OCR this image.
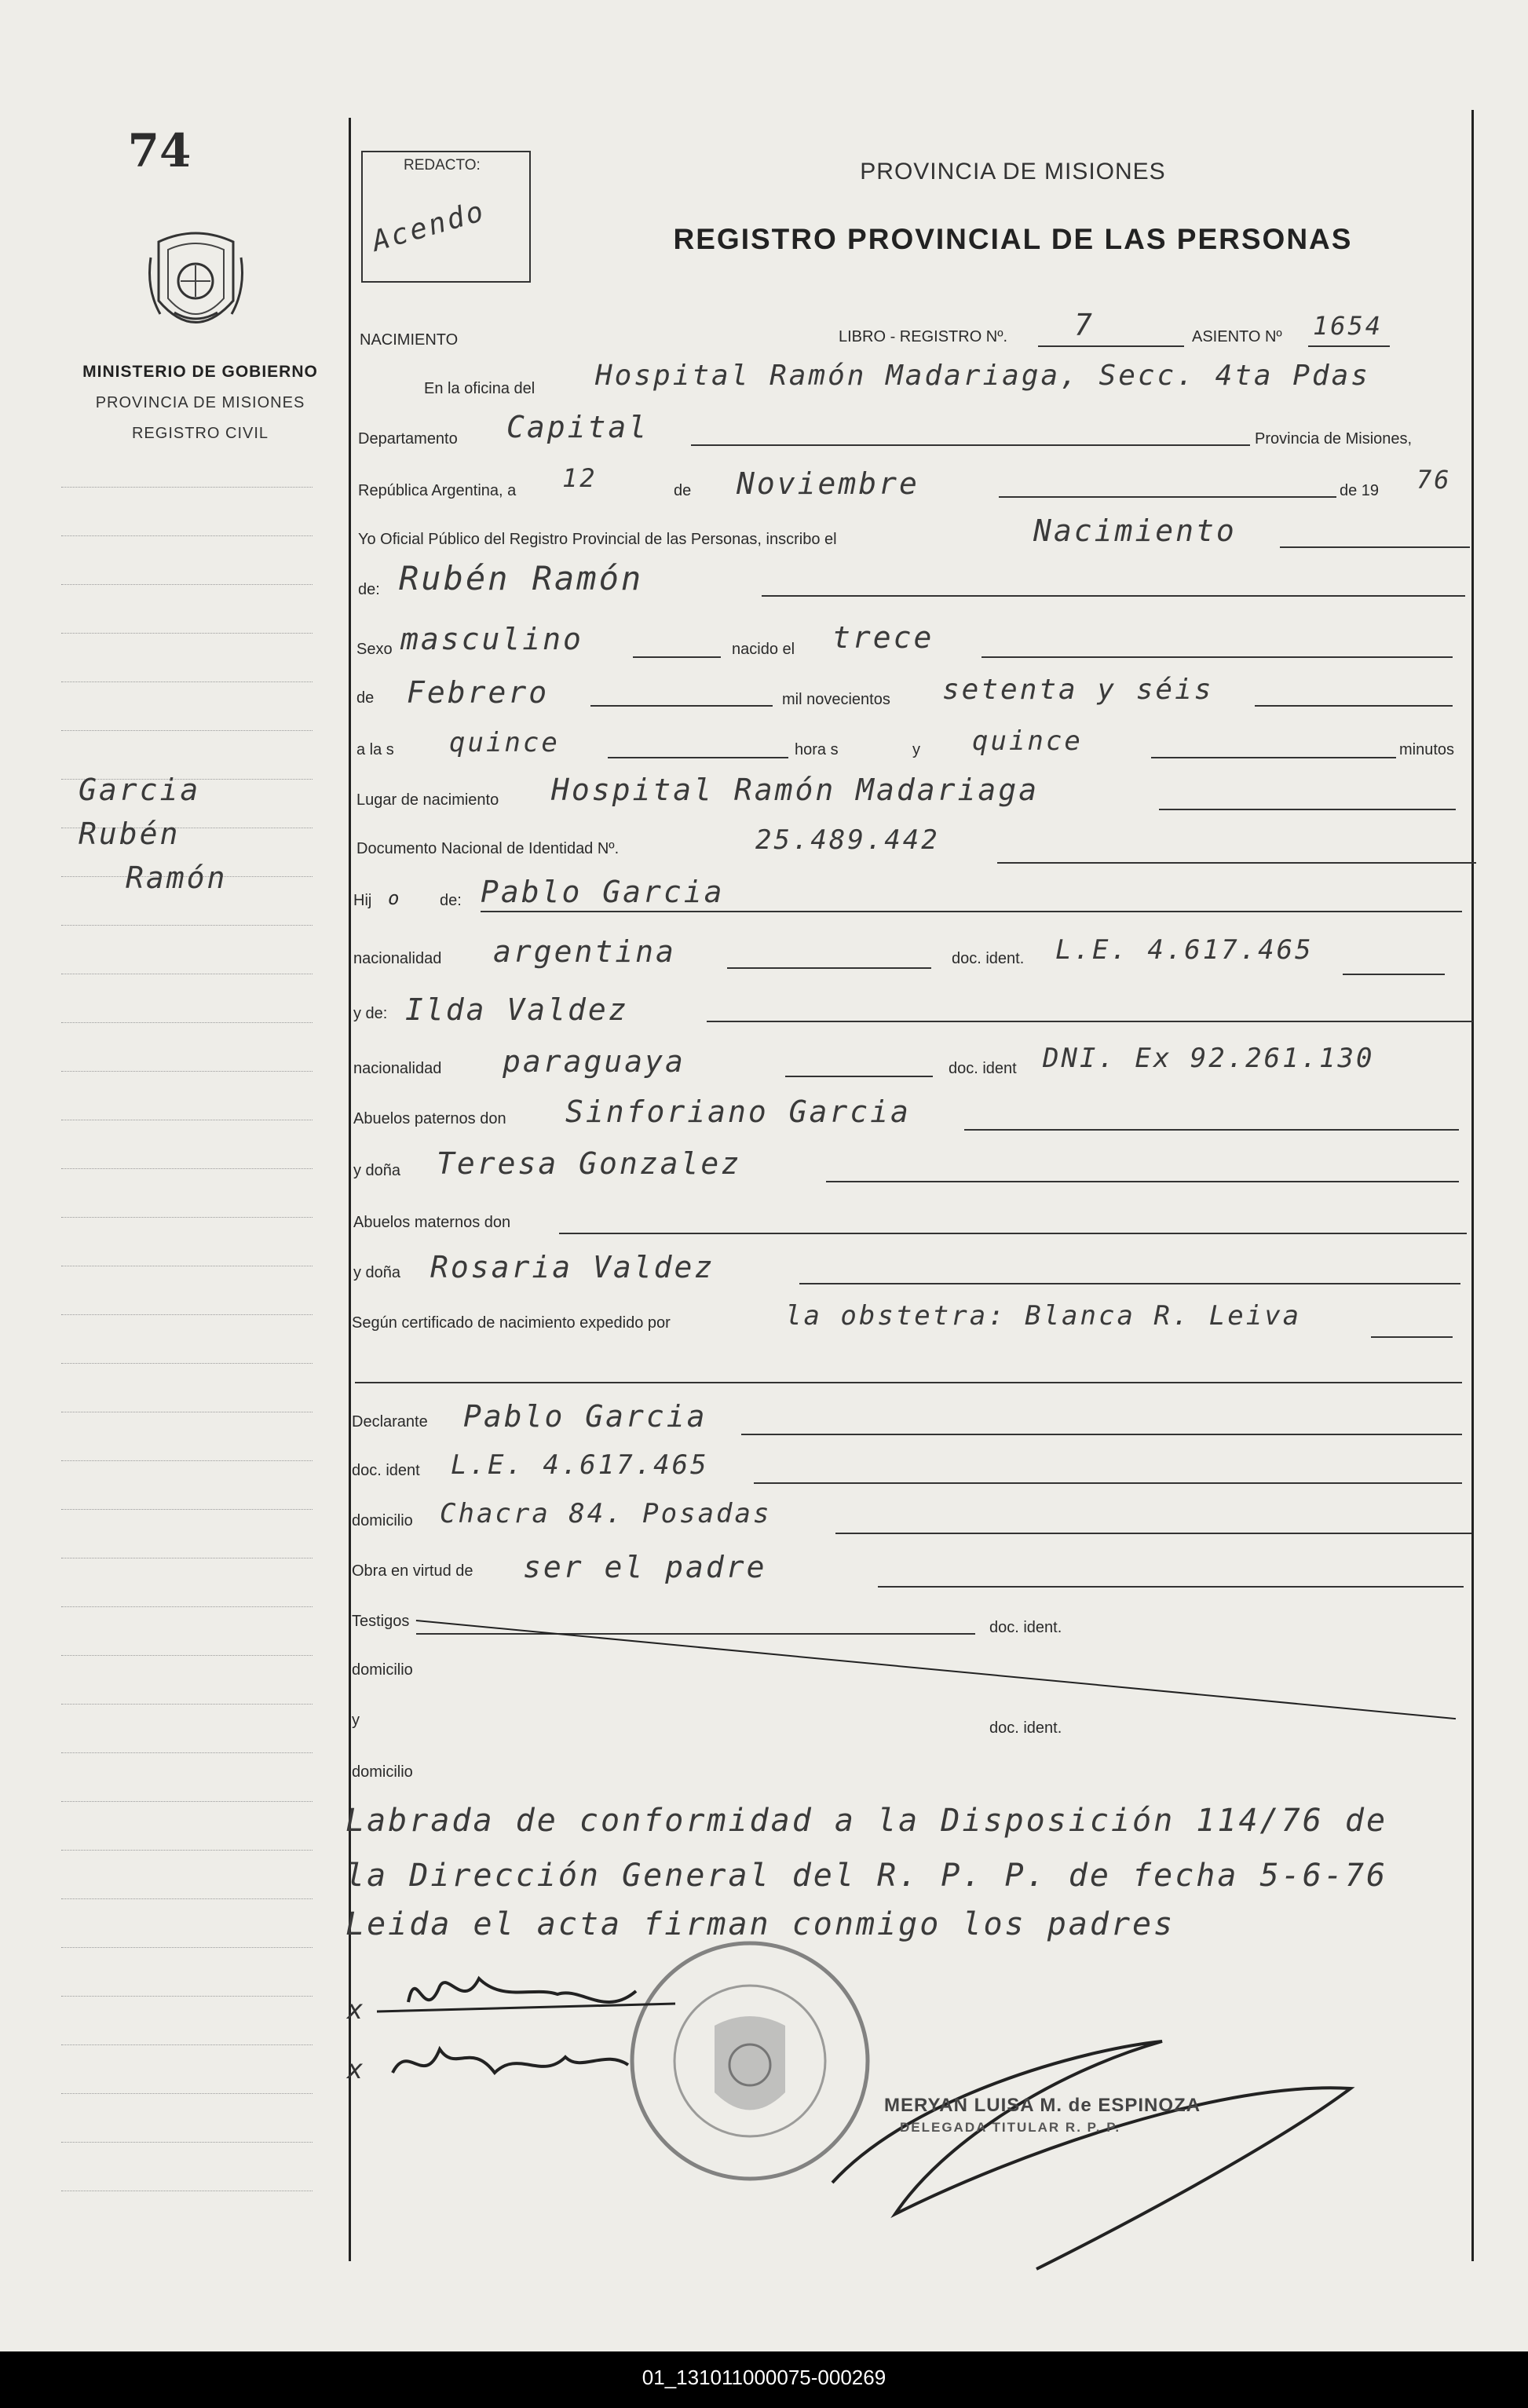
74
MINISTERIO DE GOBIERNO
PROVINCIA DE MISIONES
REGISTRO CIVIL
Garcia
Rubén
Ramón
REDACTO:
Acendo
PROVINCIA DE MISIONES
REGISTRO PROVINCIAL DE LAS PERSONAS
NACIMIENTO	LIBRO - REGISTRO Nº. 7	ASIENTO Nº 1654
En la oficina del Hospital Ramón Madariaga, Secc. 4ta Pdas
Departamento Capital	Provincia de Misiones,
República Argentina, a 12	de Noviembre	de 19 76
Yo Oficial Público del Registro Provincial de las Personas, inscribo el	Nacimiento
de: Rubén Ramón
Sexo masculino	nacido el trece
de Febrero	mil novecientos setenta y séis
a la s quince	hora s	y quince	minutos
Lugar de nacimiento Hospital Ramón Madariaga
Documento Nacional de Identidad Nº.	25.489.442
Hij o de: Pablo Garcia
nacionalidad argentina	doc. ident. L.E. 4.617.465
y de: Ilda Valdez
nacionalidad paraguaya	doc. ident DNI. Ex 92.261.130
Abuelos paternos don Sinforiano Garcia
y doña Teresa Gonzalez
Abuelos maternos don
y doña Rosaria Valdez
Según certificado de nacimiento expedido por	la obstetra: Blanca R. Leiva
Declarante Pablo Garcia
doc. ident L.E. 4.617.465
domicilio Chacra 84. Posadas
Obra en virtud de ser el padre
Testigos	doc. ident.
domicilio
y	doc. ident.
domicilio
Labrada de conformidad a la Disposición 114/76 de
la Dirección General del R. P. P. de fecha 5-6-76
Leida el acta firman conmigo los padres
x
x
MERYAN LUISA M. de ESPINOZA
DELEGADA TITULAR R. P. P.
01_131011000075-000269
